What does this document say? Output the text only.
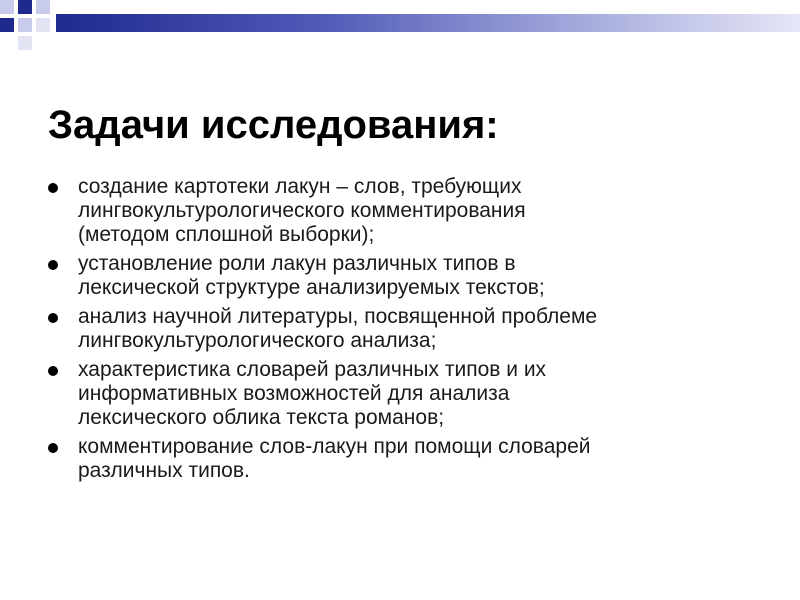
Задачи исследования:
создание картотеки лакун – слов, требующих
лингвокультурологического комментирования
(методом сплошной выборки);
установление роли лакун различных типов в
лексической структуре анализируемых текстов;
анализ научной литературы, посвященной проблеме
лингвокультурологического анализа;
характеристика словарей различных типов и их
информативных возможностей для анализа
лексического облика текста романов;
комментирование слов-лакун при помощи словарей
различных типов.
